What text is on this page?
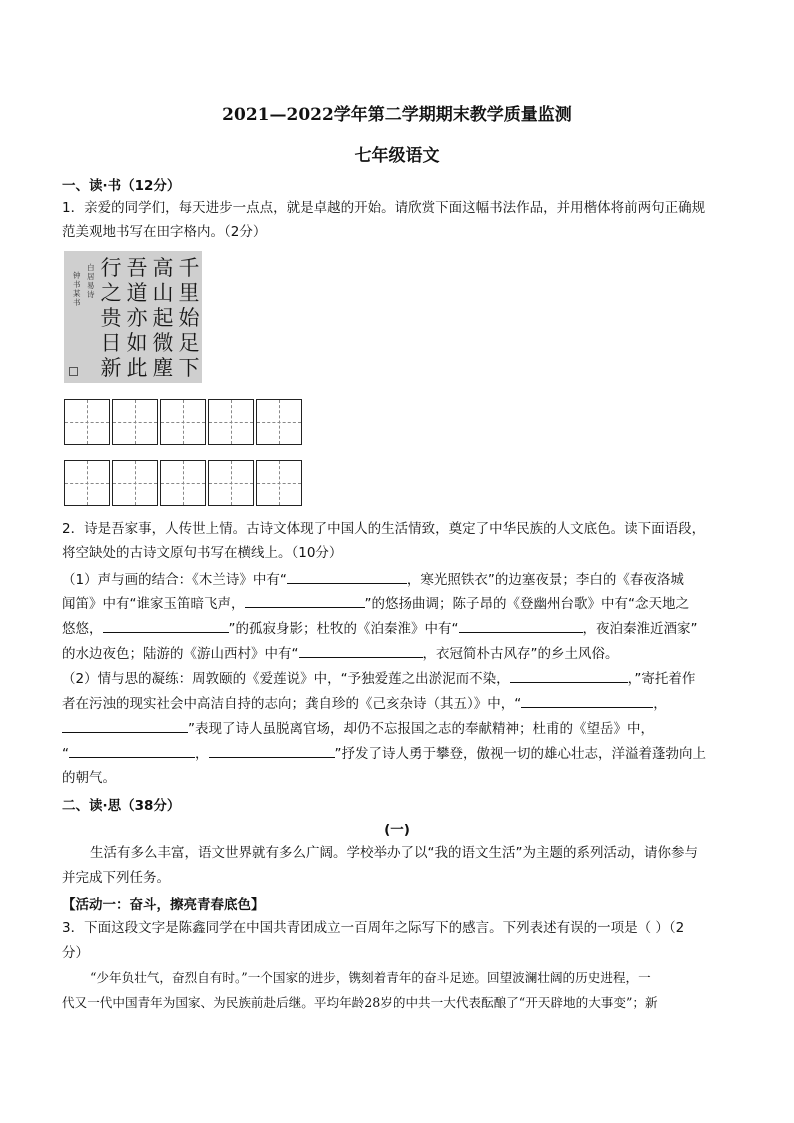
2021—2022学年第二学期期末教学质量监测
七年级语文
一、读·书（12分）
1．亲爱的同学们，每天进步一点点，就是卓越的开始。请欣赏下面这幅书法作品，并用楷体将前两句正确规
范美观地书写在田字格内。（2分）
千里始足下
高山起微塵
吾道亦如此
行之贵日新
白居易诗
钟书某书
2．诗是吾家事，人传世上情。古诗文体现了中国人的生活情致，奠定了中华民族的人文底色。读下面语段，
将空缺处的古诗文原句书写在横线上。（10分）
（1）声与画的结合：《木兰诗》中有“	，寒光照铁衣”的边塞夜景；李白的《春夜洛城
闻笛》中有“谁家玉笛暗飞声，	”的悠扬曲调；陈子昂的《登幽州台歌》中有“念天地之
悠悠，	”的孤寂身影；杜牧的《泊秦淮》中有“	，夜泊秦淮近酒家”
的水边夜色；陆游的《游山西村》中有“	，衣冠简朴古风存”的乡土风俗。
（2）情与思的凝练：周敦颐的《爱莲说》中，“予独爱莲之出淤泥而不染，	，”寄托着作
者在污浊的现实社会中高洁自持的志向；龚自珍的《己亥杂诗（其五）》中，“	，
”表现了诗人虽脱离官场，却仍不忘报国之志的奉献精神；杜甫的《望岳》中，
“	，	”抒发了诗人勇于攀登，傲视一切的雄心壮志，洋溢着蓬勃向上
的朝气。
二、读·思（38分）
(一)
生活有多么丰富，语文世界就有多么广阔。学校举办了以“我的语文生活”为主题的系列活动，请你参与
并完成下列任务。
【活动一：奋斗，擦亮青春底色】
3．下面这段文字是陈鑫同学在中国共青团成立一百周年之际写下的感言。下列表述有误的一项是（ ）（2
分）
“少年负壮气，奋烈自有时。”一个国家的进步，镌刻着青年的奋斗足迹。回望波澜壮阔的历史进程，一
代又一代中国青年为国家、为民族前赴后继。平均年龄28岁的中共一大代表酝酿了“开天辟地的大事变”；新
